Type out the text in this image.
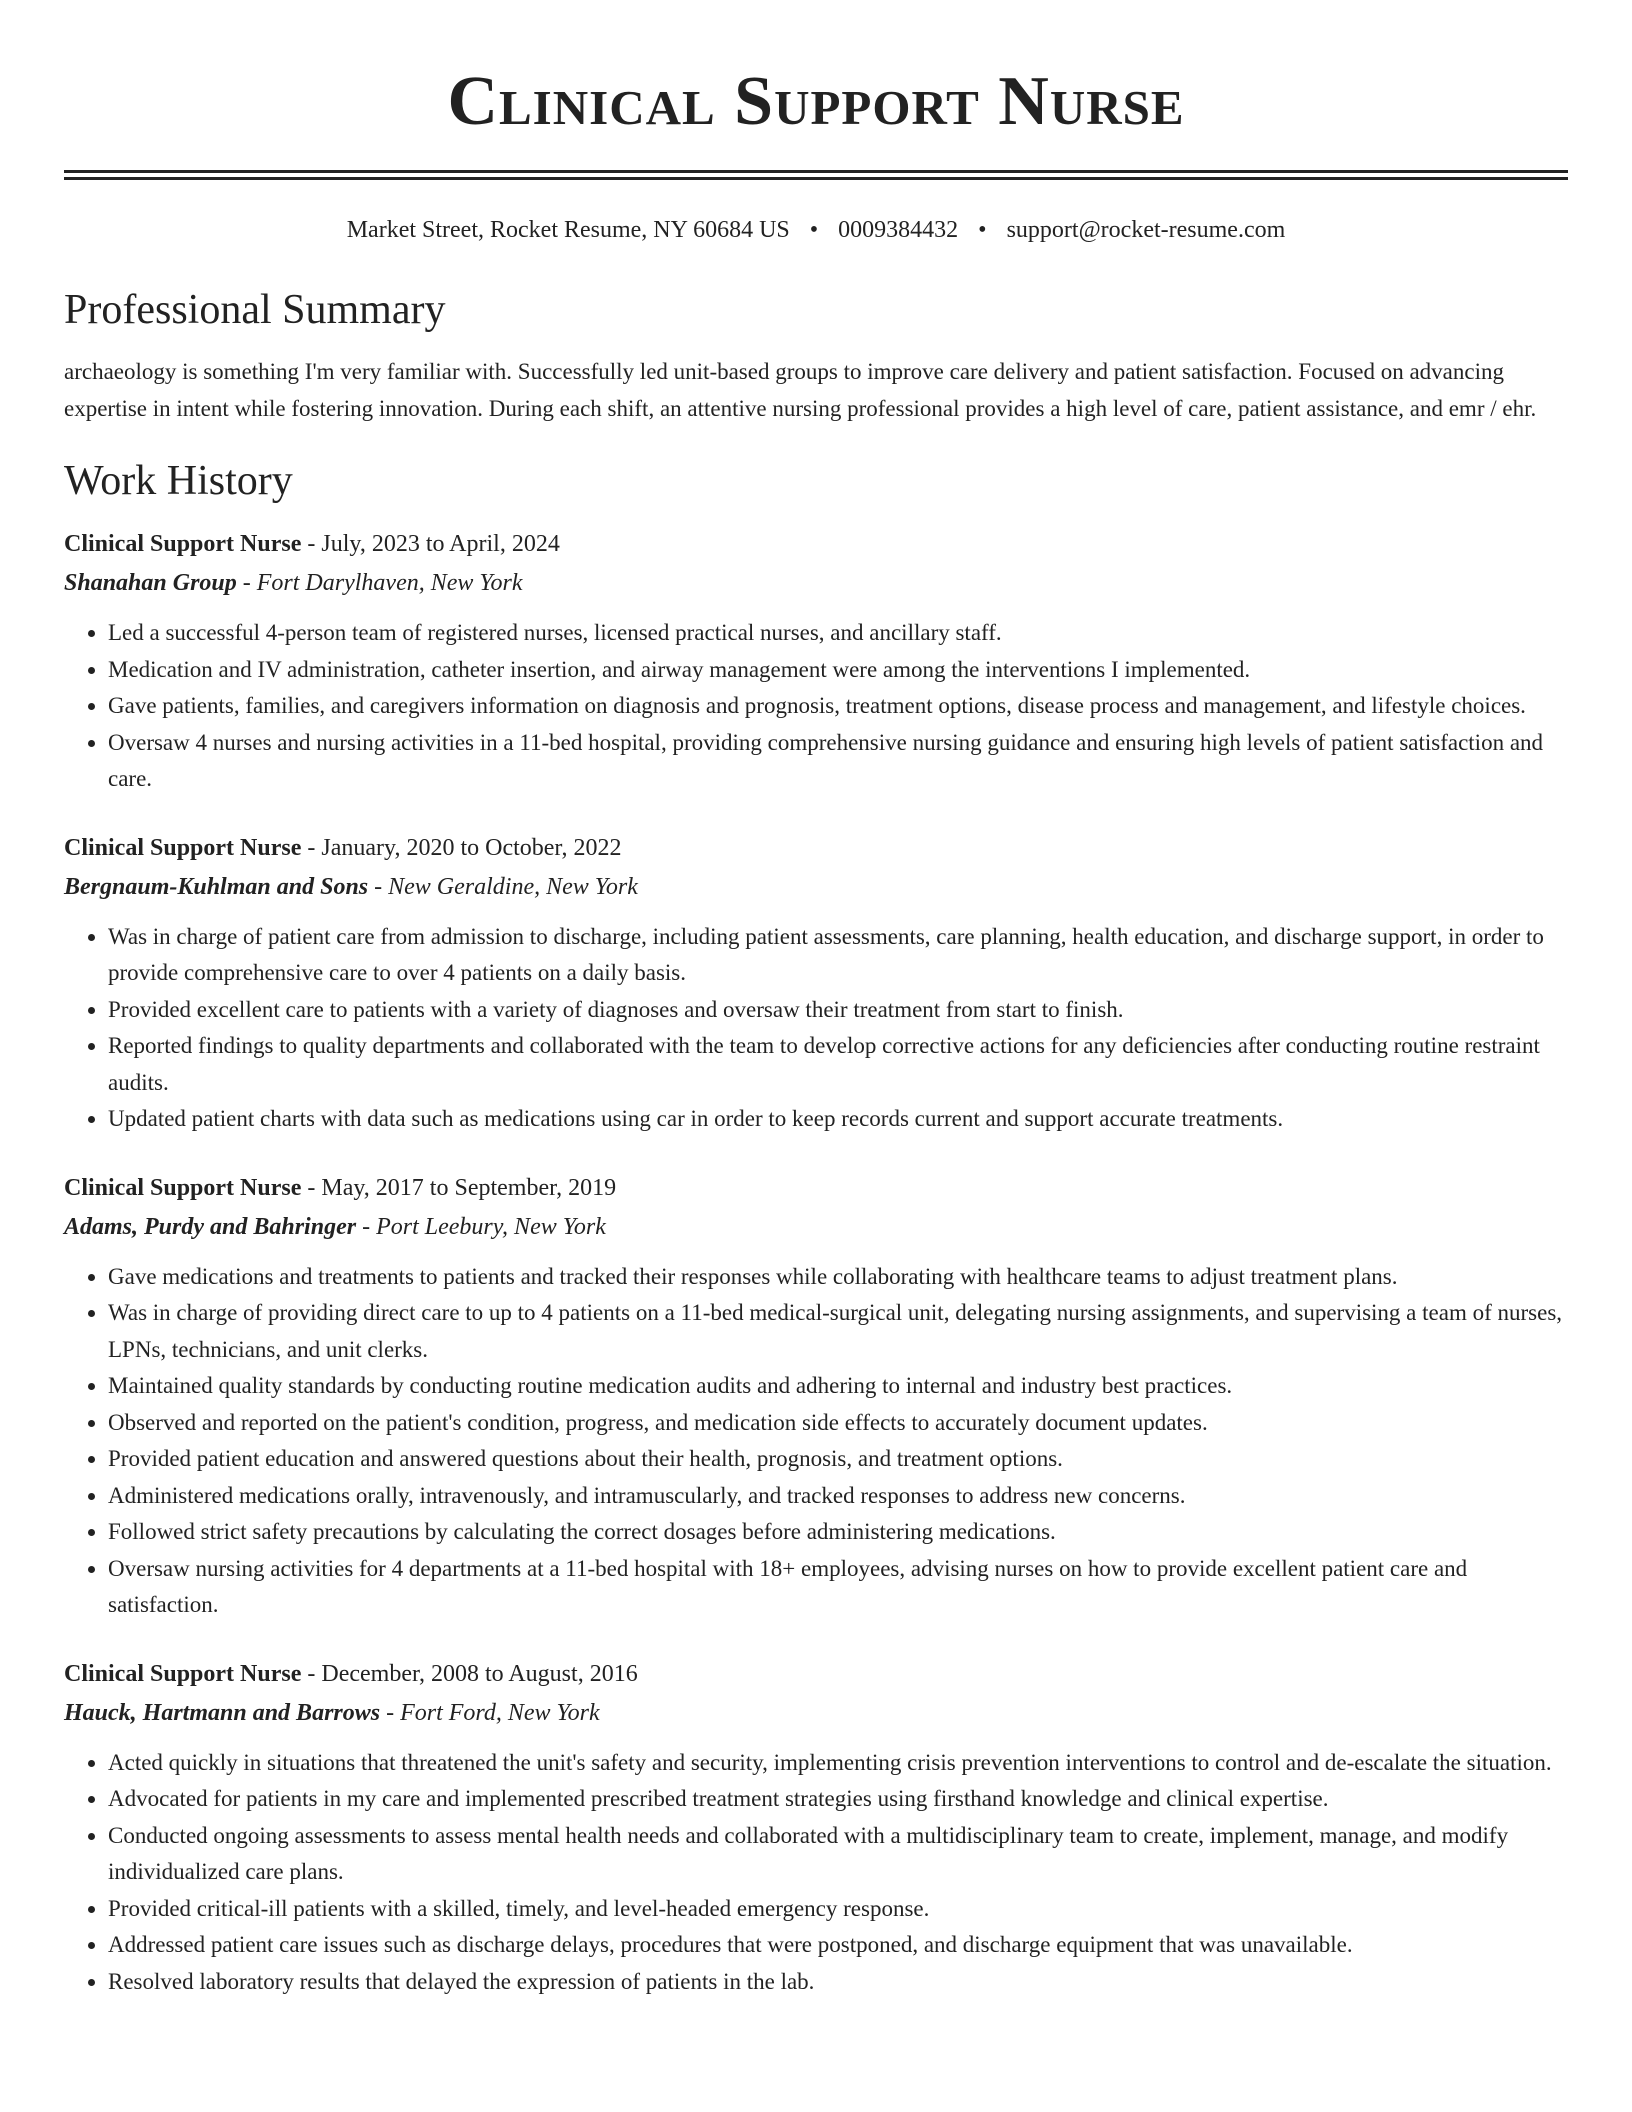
Clinical Support Nurse
Market Street, Rocket Resume, NY 60684 US • 0009384432 • support@rocket-resume.com
Professional Summary

archaeology is something I'm very familiar with. Successfully led unit-based groups to improve care delivery and patient satisfaction. Focused on advancing expertise in intent while fostering innovation. During each shift, an attentive nursing professional provides a high level of care, patient assistance, and emr / ehr.

Work History
Clinical Support Nurse - July, 2023 to April, 2024
Shanahan Group - Fort Darylhaven, New York
• Led a successful 4-person team of registered nurses, licensed practical nurses, and ancillary staff.
• Medication and IV administration, catheter insertion, and airway management were among the interventions I implemented.
• Gave patients, families, and caregivers information on diagnosis and prognosis, treatment options, disease process and management, and lifestyle choices.
• Oversaw 4 nurses and nursing activities in a 11-bed hospital, providing comprehensive nursing guidance and ensuring high levels of patient satisfaction and care.
Clinical Support Nurse - January, 2020 to October, 2022
Bergnaum-Kuhlman and Sons - New Geraldine, New York
• Was in charge of patient care from admission to discharge, including patient assessments, care planning, health education, and discharge support, in order to provide comprehensive care to over 4 patients on a daily basis.
• Provided excellent care to patients with a variety of diagnoses and oversaw their treatment from start to finish.
• Reported findings to quality departments and collaborated with the team to develop corrective actions for any deficiencies after conducting routine restraint audits.
• Updated patient charts with data such as medications using car in order to keep records current and support accurate treatments.
Clinical Support Nurse - May, 2017 to September, 2019
Adams, Purdy and Bahringer - Port Leebury, New York
• Gave medications and treatments to patients and tracked their responses while collaborating with healthcare teams to adjust treatment plans.
• Was in charge of providing direct care to up to 4 patients on a 11-bed medical-surgical unit, delegating nursing assignments, and supervising a team of nurses, LPNs, technicians, and unit clerks.
• Maintained quality standards by conducting routine medication audits and adhering to internal and industry best practices.
• Observed and reported on the patient's condition, progress, and medication side effects to accurately document updates.
• Provided patient education and answered questions about their health, prognosis, and treatment options.
• Administered medications orally, intravenously, and intramuscularly, and tracked responses to address new concerns.
• Followed strict safety precautions by calculating the correct dosages before administering medications.
• Oversaw nursing activities for 4 departments at a 11-bed hospital with 18+ employees, advising nurses on how to provide excellent patient care and satisfaction.
Clinical Support Nurse - December, 2008 to August, 2016
Hauck, Hartmann and Barrows - Fort Ford, New York
• Acted quickly in situations that threatened the unit's safety and security, implementing crisis prevention interventions to control and de-escalate the situation.
• Advocated for patients in my care and implemented prescribed treatment strategies using firsthand knowledge and clinical expertise.
• Conducted ongoing assessments to assess mental health needs and collaborated with a multidisciplinary team to create, implement, manage, and modify individualized care plans.
• Provided critical-ill patients with a skilled, timely, and level-headed emergency response.
• Addressed patient care issues such as discharge delays, procedures that were postponed, and discharge equipment that was unavailable.
• Resolved laboratory results that delayed the expression of patients in the lab.
